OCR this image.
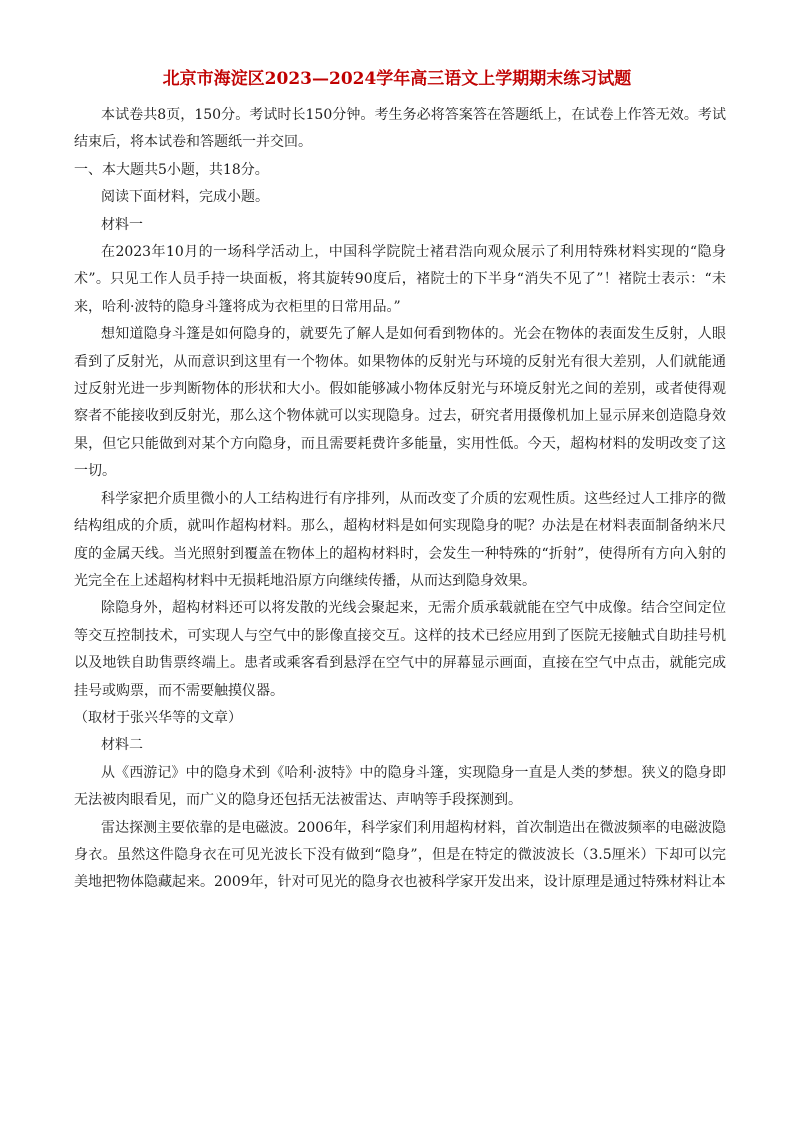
北京市海淀区2023—2024学年高三语文上学期期末练习试题

本试卷共8页，150分。考试时长150分钟。考生务必将答案答在答题纸上，在试卷上作答无效。考试结束后，将本试卷和答题纸一并交回。

一、本大题共5小题，共18分。

阅读下面材料，完成小题。

材料一

在2023年10月的一场科学活动上，中国科学院院士褚君浩向观众展示了利用特殊材料实现的“隐身术”。只见工作人员手持一块面板，将其旋转90度后，褚院士的下半身“消失不见了”！褚院士表示：“未来，哈利·波特的隐身斗篷将成为衣柜里的日常用品。”

想知道隐身斗篷是如何隐身的，就要先了解人是如何看到物体的。光会在物体的表面发生反射，人眼看到了反射光，从而意识到这里有一个物体。如果物体的反射光与环境的反射光有很大差别，人们就能通过反射光进一步判断物体的形状和大小。假如能够减小物体反射光与环境反射光之间的差别，或者使得观察者不能接收到反射光，那么这个物体就可以实现隐身。过去，研究者用摄像机加上显示屏来创造隐身效果，但它只能做到对某个方向隐身，而且需要耗费许多能量，实用性低。今天，超构材料的发明改变了这一切。

科学家把介质里微小的人工结构进行有序排列，从而改变了介质的宏观性质。这些经过人工排序的微结构组成的介质，就叫作超构材料。那么，超构材料是如何实现隐身的呢？办法是在材料表面制备纳米尺度的金属天线。当光照射到覆盖在物体上的超构材料时，会发生一种特殊的“折射”，使得所有方向入射的光完全在上述超构材料中无损耗地沿原方向继续传播，从而达到隐身效果。

除隐身外，超构材料还可以将发散的光线会聚起来，无需介质承载就能在空气中成像。结合空间定位等交互控制技术，可实现人与空气中的影像直接交互。这样的技术已经应用到了医院无接触式自助挂号机以及地铁自助售票终端上。患者或乘客看到悬浮在空气中的屏幕显示画面，直接在空气中点击，就能完成挂号或购票，而不需要触摸仪器。

（取材于张兴华等的文章）

材料二

从《西游记》中的隐身术到《哈利·波特》中的隐身斗篷，实现隐身一直是人类的梦想。狭义的隐身即无法被肉眼看见，而广义的隐身还包括无法被雷达、声呐等手段探测到。

雷达探测主要依靠的是电磁波。2006年，科学家们利用超构材料，首次制造出在微波频率的电磁波隐身衣。虽然这件隐身衣在可见光波长下没有做到“隐身”，但是在特定的微波波长（3.5厘米）下却可以完美地把物体隐藏起来。2009年，针对可见光的隐身衣也被科学家开发出来，设计原理是通过特殊材料让本
